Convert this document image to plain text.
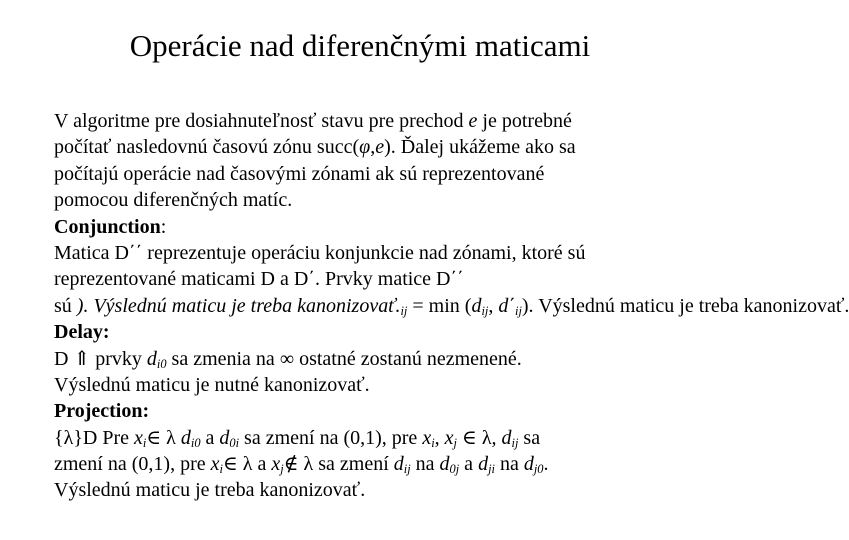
Operácie nad diferenčnými maticami
V algoritme pre dosiahnuteľnosť stavu pre prechod e je potrebné
počítať nasledovnú časovú zónu succ(φ,e). Ďalej ukážeme ako sa
počítajú operácie nad časovými zónami ak sú reprezentované
pomocou diferenčných matíc.
Conjunction:
Matica D΄΄ reprezentuje operáciu konjunkcie nad zónami, ktoré sú
reprezentované maticami D a D΄. Prvky matice D΄΄
sú ). Výslednú maticu je treba $kanonizovať._{ij} = \min (d_{ij}$, $d΄_{ij}$). Výslednú maticu je treba kanonizovať.
Delay:
D ⇑ prvky $d_{i0}$ sa zmenia na ∞ ostatné zostanú nezmenené.
Výslednú maticu je nutné kanonizovať.
Projection:
{λ}D Pre $x_i\in$ λ $d_{i0}$ a $d_{0i}$ sa zmení na (0,1), pre $x_i$, $x_j$ ∈ λ, $d_{ij}$ sa
zmení na (0,1), pre $x_i\in$ λ a $x_j\notin$ λ sa zmení $d_{ij}$ na $d_{0j}$ a $d_{ji}$ na $d_{j0}$.
Výslednú maticu je treba kanonizovať.
